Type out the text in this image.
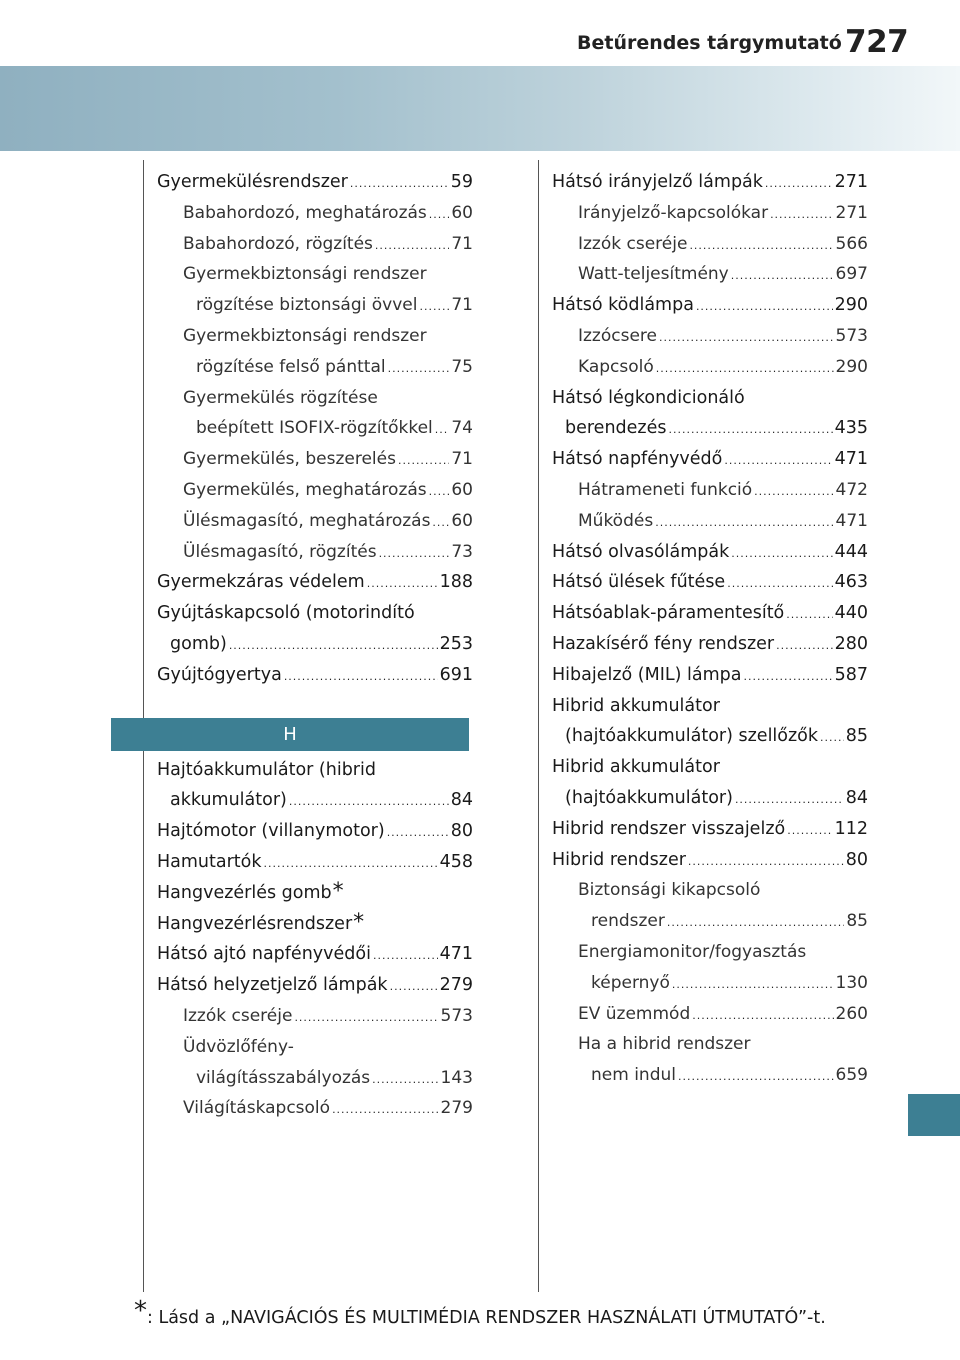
Betűrendes tárgymutató 727
Gyermekülésrendszer .....	59
Babahordozó, meghatározás ..... 60
Babahordozó, rögzítés .....	71
Gyermekbiztonsági rendszer
rögzítése biztonsági övvel ..... 71
Gyermekbiztonsági rendszer
rögzítése felső pánttal .....	75
Gyermekülés rögzítése
beépített ISOFIX-rögzítőkkel ..... 74
Gyermekülés, beszerelés .....	71
Gyermekülés, meghatározás ..... 60
Ülésmagasító, meghatározás ..... 60
Ülésmagasító, rögzítés .....	73
Gyermekzáras védelem .....	188
Gyújtáskapcsoló (motorindító
gomb) .....	253
Gyújtógyertya .....	691
H
Hajtóakkumulátor (hibrid
akkumulátor) .....	84
Hajtómotor (villanymotor) .....	80
Hamutartók .....	458
Hangvezérlés gomb *
Hangvezérlésrendszer *
Hátsó ajtó napfényvédői .....	471
Hátsó helyzetjelző lámpák .....	279
Izzók cseréje .....	573
Üdvözlőfény-
világításszabályozás .....	143
Világításkapcsoló .....	279
Hátsó irányjelző lámpák .....	271
Irányjelző-kapcsolókar .....	271
Izzók cseréje .....	566
Watt-teljesítmény .....	697
Hátsó ködlámpa .....	290
Izzócsere .....	573
Kapcsoló .....	290
Hátsó légkondicionáló
berendezés .....	435
Hátsó napfényvédő .....	471
Hátrameneti funkció .....	472
Működés .....	471
Hátsó olvasólámpák .....	444
Hátsó ülések fűtése .....	463
Hátsóablak-páramentesítő .....	440
Hazakísérő fény rendszer .....	280
Hibajelző (MIL) lámpa .....	587
Hibrid akkumulátor
(hajtóakkumulátor) szellőzők ..... 85
Hibrid akkumulátor
(hajtóakkumulátor) .....	84
Hibrid rendszer visszajelző .....	112
Hibrid rendszer .....	80
Biztonsági kikapcsoló
rendszer .....	85
Energiamonitor/fogyasztás
képernyő .....	130
EV üzemmód .....	260
Ha a hibrid rendszer
nem indul .....	659
*: Lásd a „NAVIGÁCIÓS ÉS MULTIMÉDIA RENDSZER HASZNÁLATI ÚTMUTATÓ”-t.
